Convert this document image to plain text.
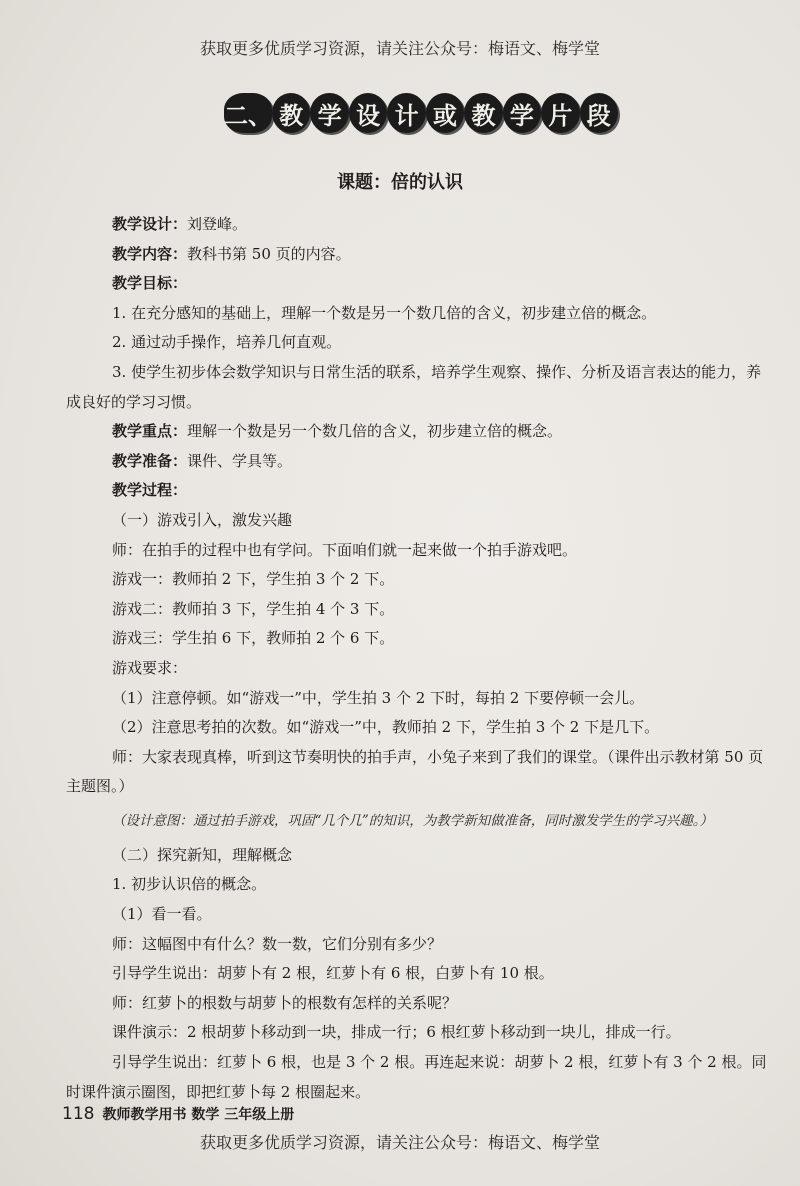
获取更多优质学习资源，请关注公众号：梅语文、梅学堂
二、 教 学 设 计 或 教 学 片 段
课题：倍的认识

教学设计：刘登峰。

教学内容：教科书第 50 页的内容。

教学目标：

1. 在充分感知的基础上，理解一个数是另一个数几倍的含义，初步建立倍的概念。

2. 通过动手操作，培养几何直观。

3. 使学生初步体会数学知识与日常生活的联系，培养学生观察、操作、分析及语言表达的能力，养成良好的学习习惯。

教学重点：理解一个数是另一个数几倍的含义，初步建立倍的概念。

教学准备：课件、学具等。

教学过程：

（一）游戏引入，激发兴趣

师：在拍手的过程中也有学问。下面咱们就一起来做一个拍手游戏吧。

游戏一：教师拍 2 下，学生拍 3 个 2 下。

游戏二：教师拍 3 下，学生拍 4 个 3 下。

游戏三：学生拍 6 下，教师拍 2 个 6 下。

游戏要求：

（1）注意停顿。如“游戏一”中，学生拍 3 个 2 下时，每拍 2 下要停顿一会儿。

（2）注意思考拍的次数。如“游戏一”中，教师拍 2 下，学生拍 3 个 2 下是几下。

师：大家表现真棒，听到这节奏明快的拍手声，小兔子来到了我们的课堂。（课件出示教材第 50 页主题图。）

（设计意图：通过拍手游戏，巩固“几个几”的知识，为教学新知做准备，同时激发学生的学习兴趣。）

（二）探究新知，理解概念

1. 初步认识倍的概念。

（1）看一看。

师：这幅图中有什么？数一数，它们分别有多少？

引导学生说出：胡萝卜有 2 根，红萝卜有 6 根，白萝卜有 10 根。

师：红萝卜的根数与胡萝卜的根数有怎样的关系呢？

课件演示：2 根胡萝卜移动到一块，排成一行；6 根红萝卜移动到一块儿，排成一行。

引导学生说出：红萝卜 6 根，也是 3 个 2 根。再连起来说：胡萝卜 2 根，红萝卜有 3 个 2 根。同时课件演示圈图，即把红萝卜每 2 根圈起来。

118 教师教学用书 数学 三年级上册
获取更多优质学习资源，请关注公众号：梅语文、梅学堂
